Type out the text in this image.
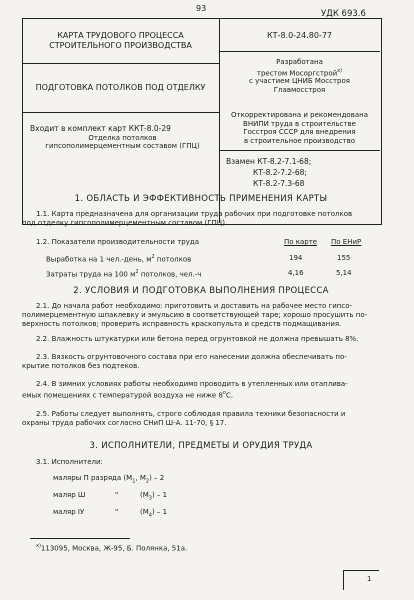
93
УДК 693.6
КАРТА ТРУДОВОГО ПРОЦЕССА
СТРОИТЕЛЬНОГО ПРОИЗВОДСТВА
ПОДГОТОВКА ПОТОЛКОВ ПОД ОТДЕЛКУ
КТ-8.0-24.80-77
Разработана
трестом Мосоргстрой$^{х)}$
с участием ЦНИБ Мосстроя
Главмосстроя
Откорректирована и рекомендована
ВНИПИ труда в строительстве
Госстроя СССР для внедрения
в строительное производство
Входит в комплект карт ККТ-8.0-29
Отделка потолков
гипсополимерцементным составом (ГПЦ)
Взамен КТ-8.2-7.1-68;
КТ-8.2-7.2-68;
КТ-8.2-7.3-68
1. ОБЛАСТЬ И ЭФФЕКТИВНОСТЬ ПРИМЕНЕНИЯ КАРТЫ
1.1. Карта предназначена для организации труда рабочих при подготовке потолков
под отделку гипсополимерцементным составом (ГПЦ).
1.2. Показатели производительности труда	По карте По ЕНиР
Выработка на 1 чел.-день, $м^2$ потолков	194	155
Затраты труда на 100 $м^2$ потолков, чел.-ч	4,16	5,14
2. УСЛОВИЯ И ПОДГОТОВКА ВЫПОЛНЕНИЯ ПРОЦЕССА
2.1. До начала работ необходимо: приготовить и доставить на рабочее место гипсо-
полимерцементную шпаклевку и эмульсию в соответствующей таре; хорошо просушить по-
верхность потолков; проверить исправность краскопульта и средств подмащивания.
2.2. Влажность штукатурки или бетона перед огрунтовкой не должна превышать 8%.
2.3. Вязкость огрунтовочного состава при его нанесении должна обеспечивать по-
крытие потолков без подтеков.
2.4. В зимних условиях работы необходимо проводить в утепленных или отаплива-
емых помещениях с температурой воздуха не ниже $8^оС$.
2.5. Работы следует выполнять, строго соблюдая правила техники безопасности и
охраны труда рабочих согласно СНиП Ш-А. 11-70, § 17.
3. ИСПОЛНИТЕЛИ, ПРЕДМЕТЫ И ОРУДИЯ ТРУДА
3.1. Исполнители:
маляры П разряда ($М_1$, $М_2) - 2$
маляр Ш	"	$(М_3) - 1$
маляр IУ	"	$(М_4) - 1$
$^{х)}$113095, Москва, Ж-95, Б. Полянка, 51а.
1
